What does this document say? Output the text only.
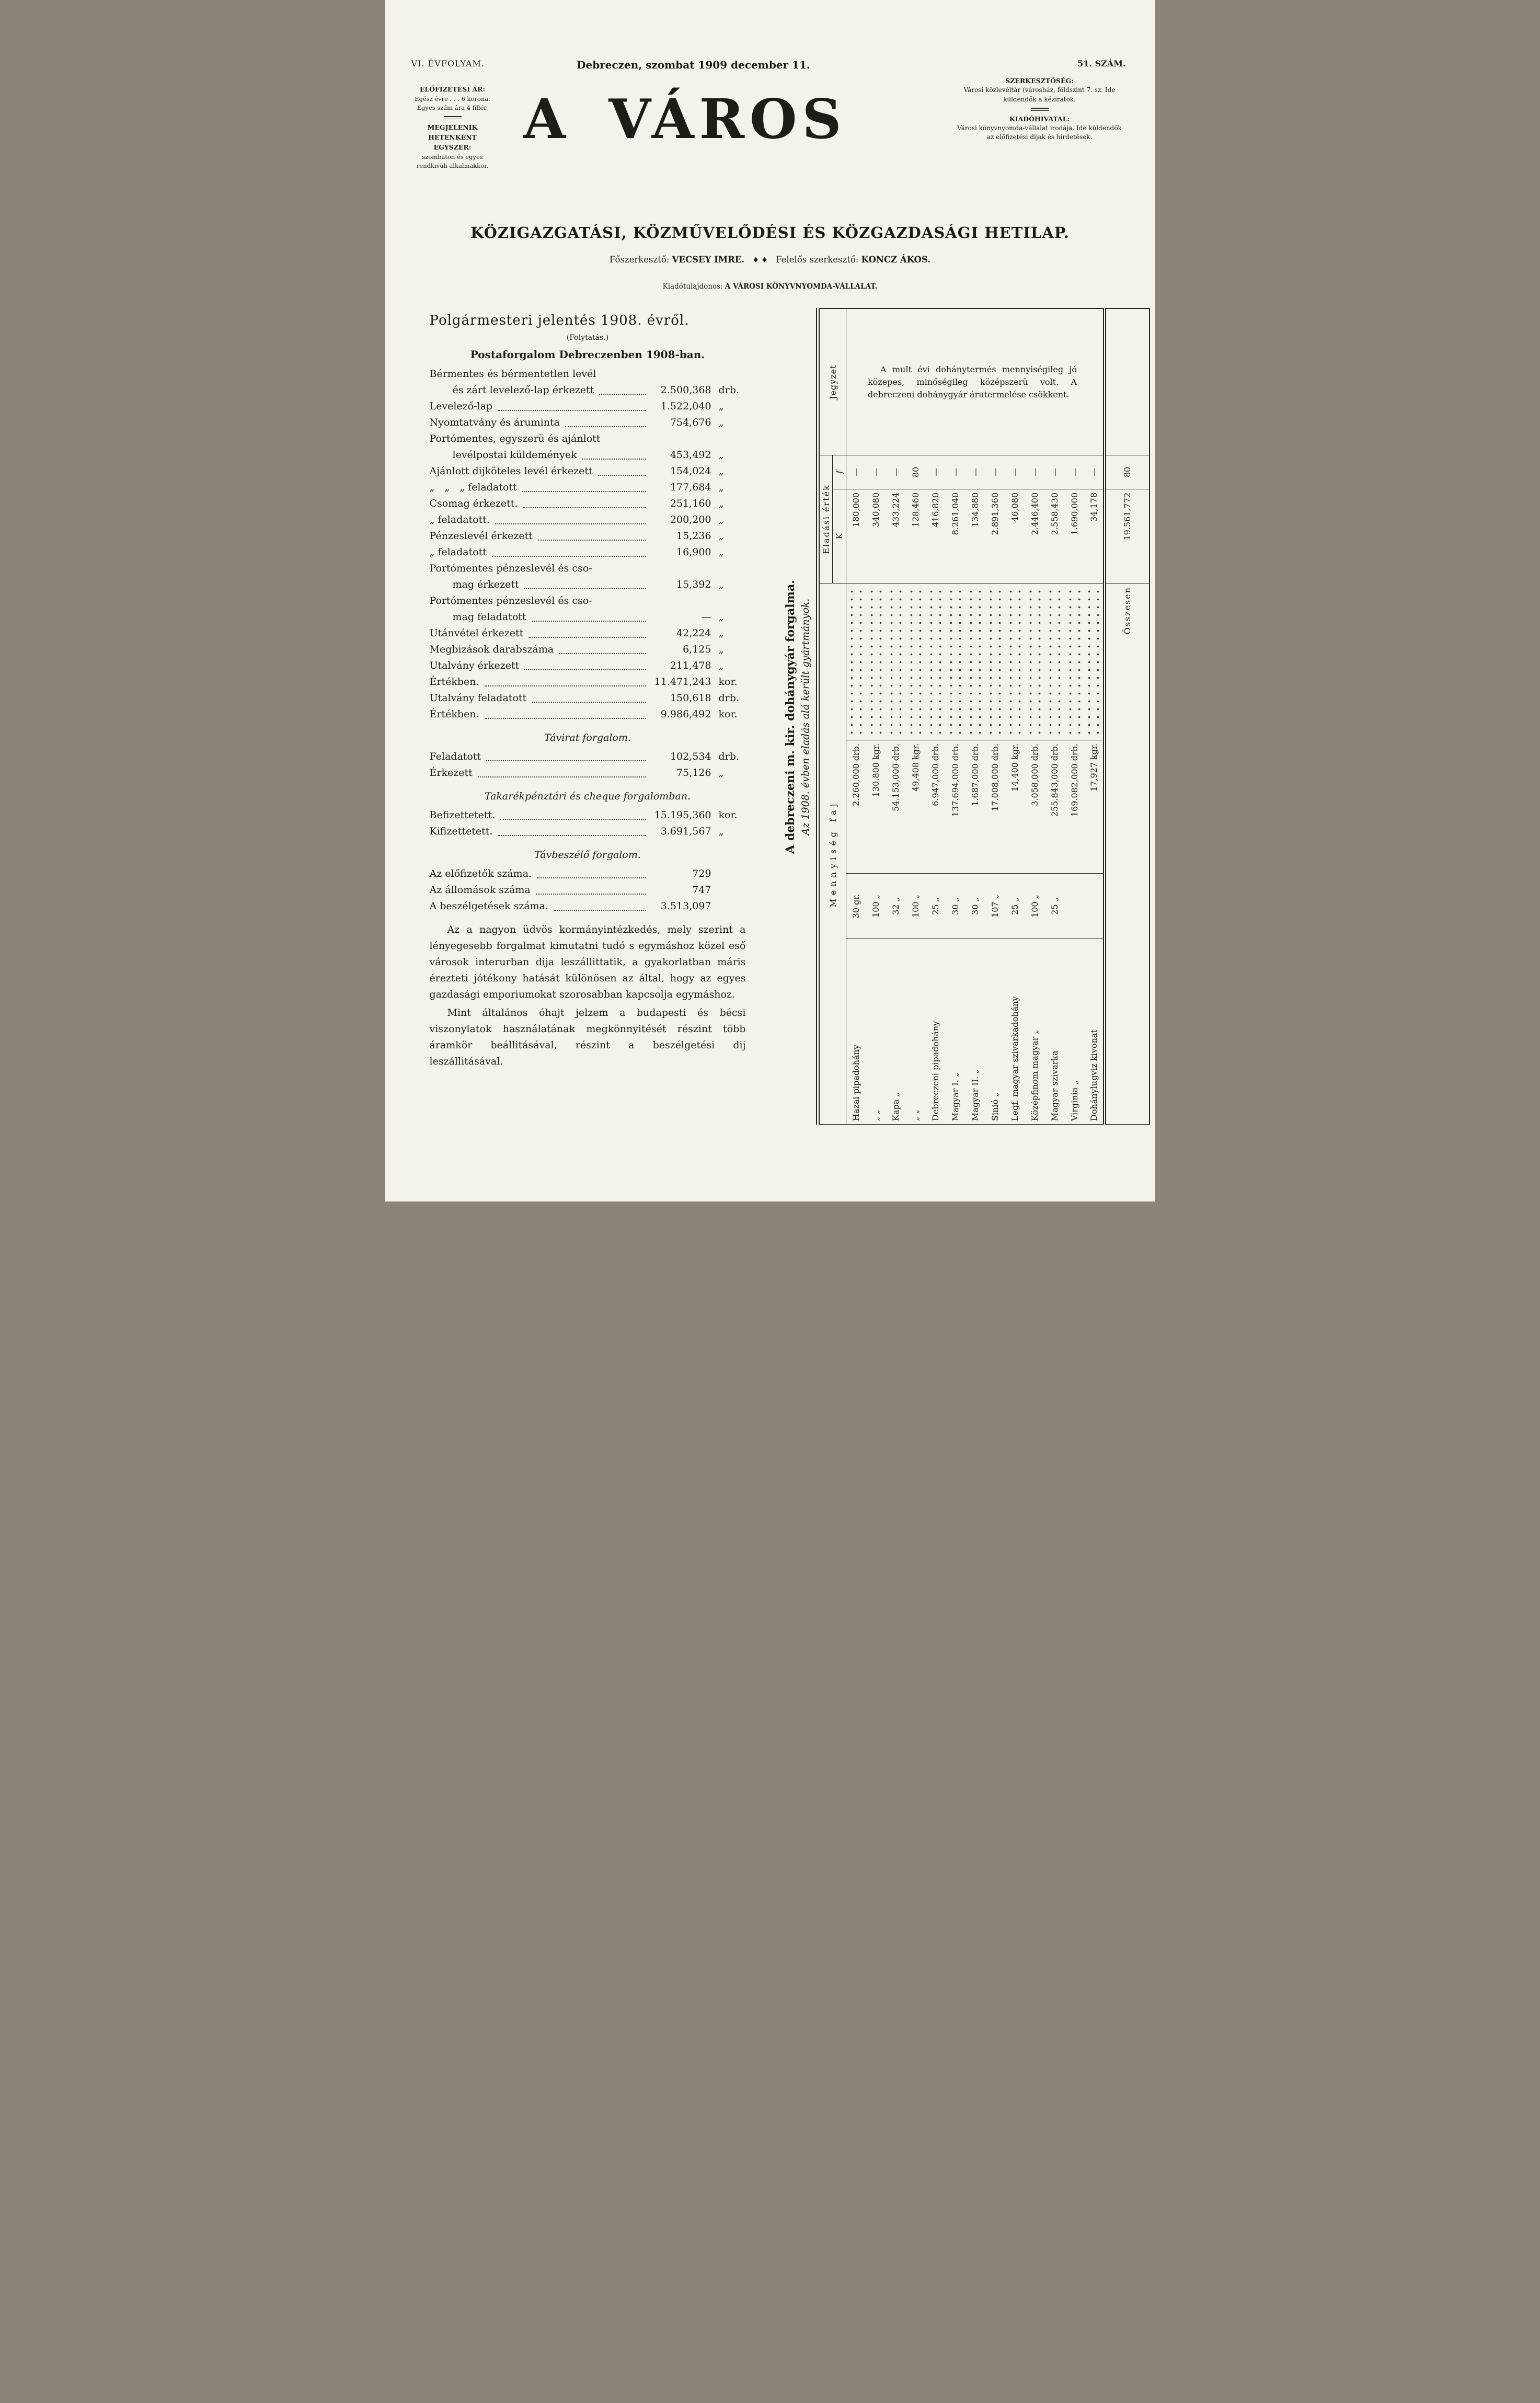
VI. ÉVFOLYAM.	Debreczen, szombat 1909 december 11.	51. SZÁM.
ELŐFIZETÉSI ÁR:
Egész évre . . . 6 korona.
Egyes szám ára 4 fillér.
MEGJELENIK HETENKÉNT EGYSZER:
szombaton és egyes rendkivüli alkalmakkor.
A VÁROS
SZERKESZTŐSÉG:
Városi közlevéltár (városház, földszint 7. sz. Ide küldendők a kéziratok.
KIADÓHIVATAL:
Városi könyvnyomda-vállalat irodája. Ide küldendők az előfizetési dijak és hirdetések.
KÖZIGAZGATÁSI, KÖZMŰVELŐDÉSI ÉS KÖZGAZDASÁGI HETILAP.
Főszerkesztő: VECSEY IMRE. ♦ ♦ Felelős szerkesztő: KONCZ ÁKOS.
Kiadótulajdonos: A VÁROSI KÖNYVNYOMDA-VÁLLALAT.
Polgármesteri jelentés 1908. évről.
(Folytatás.)
Postaforgalom Debreczenben 1908-ban.
Bérmentes és bérmentetlen levél
és zárt levelező-lap érkezett	2.500,368 drb.
Levelező-lap	1.522,040 „
Nyomtatvány és áruminta	754,676 „
Portómentes, egyszerü és ajánlott
levélpostai küldemények	453,492 „
Ajánlott dijköteles levél érkezett	154,024 „
„ „ „ feladatott	177,684 „
Csomag érkezett.	251,160 „
„ feladatott.	200,200 „
Pénzeslevél érkezett	15,236 „
„ feladatott	16,900 „
Portómentes pénzeslevél és cso-
mag érkezett	15,392 „
Portómentes pénzeslevél és cso-
mag feladatott	— „
Utánvétel érkezett	42,224 „
Megbizások darabszáma	6,125 „
Utalvány érkezett	211,478 „
Értékben.	11.471,243 kor.
Utalvány feladatott	150,618 drb.
Értékben.	9.986,492 kor.
Távirat forgalom.
Feladatott	102,534 drb.
Érkezett	75,126 „
Takarékpénztári és cheque forgalomban.
Befizettetett.	15.195,360 kor.
Kifizettetett.	3.691,567 „
Távbeszélő forgalom.
Az előfizetők száma.	729
Az állomások száma	747
A beszélgetések száma.	3.513,097

Az a nagyon üdvös kormányintézkedés, mely szerint a lényegesebb forgalmat kimutatni tudó s egymáshoz közel eső városok interurban dija leszállittatik, a gyakorlatban máris érezteti jótékony hatását különösen az által, hogy az egyes gazdasági emporiumokat szorosabban kapcsolja egymáshoz.

Mint általános óhajt jelzem a budapesti és bécsi viszonylatok használatának megkönnyitését részint több áramkör beállitásával, részint a beszélgetési dij leszállitásával.

A debreczeni m. kir. dohánygyár forgalma. Az 1908. évben eladás alá került gyártmányok.
Mennyiség faj				Eladási érték		Jegyzet
				K	f	
Hazai pipadohány	30 gr.	2.260,000 drb.		180,000	—	
„ „	100 „	130.800 kgr.		340,080	—	
Kapa „	32 „	54.153,000 drb.		433,224	—	
„ „	100 „	49,408 kgr.		128,460	80	
Debreczeni pipadohány	25 „	6.947,000 drb.		416,820	—	
Magyar I. „	30 „	137.694,000 drb.		8.261,040	—	
Magyar II. „	30 „	1.687,000 drb.		134,880	—	
Sinió „	107 „	17.008,000 drb.		2.891,360	—	
Legf. magyar szivarkadohány	25 „	14,400 kgr.		46,080	—	
Középfinom magyar „	100 „	3.058,000 drb.		2.446,400	—	
Magyar szivarka	25 „	255.843,000 drb.		2.558,430	—	
Virginia „		169.082,000 drb.		1.690,000	—	
Dohánylugviz kivonat		17,927 kgr.		34,178	—	
Összesen				19.561,772	80	
A mult évi dohánytermés mennyiségileg jó közepes, minőségileg középszerü volt. A debreczeni dohánygyár árutermelése csökkent.
